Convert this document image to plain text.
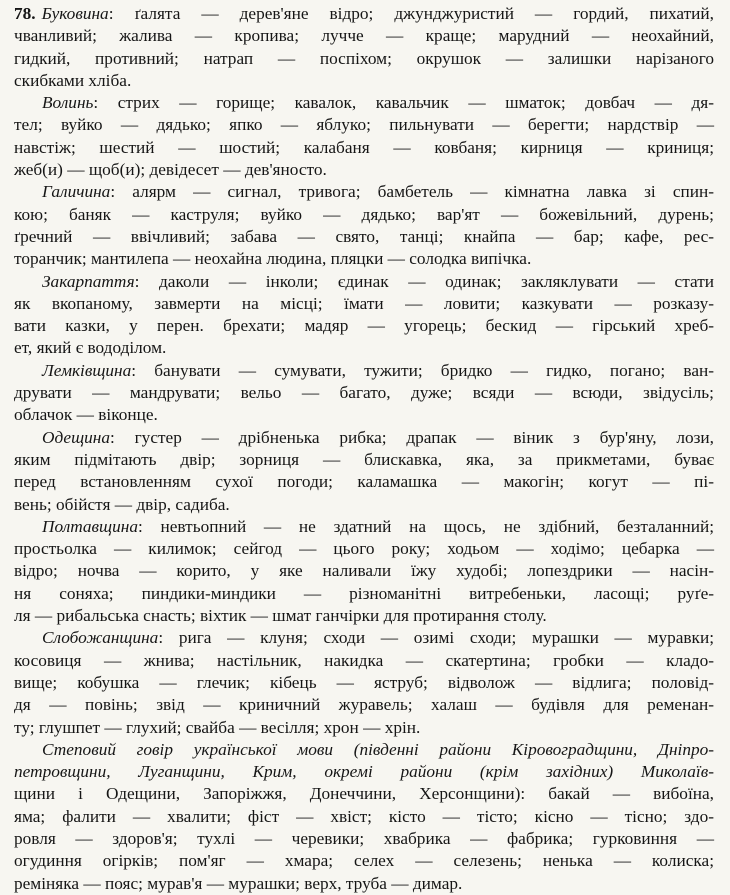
78. Буковина: ґалята — дерев'яне відро; джунджуристий — гордий, пихатий,
чванливий; жалива — кропива; лучче — краще; марудний — неохайний,
гидкий, противний; натрап — поспіхом; окрушок — залишки нарізаного
скибками хліба.
Волинь: стрих — горище; кавалок, кавальчик — шматок; довбач — дя-
тел; вуйко — дядько; япко — яблуко; пильнувати — берегти; нардствір —
навстіж; шестий — шостий; калабаня — ковбаня; кирниця — криниця;
жеб(и) — щоб(и); девідесет — дев'яносто.
Галичина: алярм — сигнал, тривога; бамбетель — кімнатна лавка зі спин-
кою; баняк — каструля; вуйко — дядько; вар'ят — божевільний, дурень;
ґречний — ввічливий; забава — свято, танці; кнайпа — бар; кафе, рес-
торанчик; мантилепа — неохайна людина, пляцки — солодка випічка.
Закарпаття: даколи — інколи; єдинак — одинак; закляклувати — стати
як вкопаному, завмерти на місці; їмати — ловити; казкувати — розказу-
вати казки, у перен. брехати; мадяр — угорець; бескид — гірський хреб-
ет, який є вододілом.
Лемківщина: банувати — сумувати, тужити; бридко — гидко, погано; ван-
друвати — мандрувати; вельо — багато, дуже; всяди — всюди, звідусіль;
облачок — віконце.
Одещина: густер — дрібненька рибка; драпак — віник з бур'яну, лози,
яким підмітають двір; зорниця — блискавка, яка, за прикметами, буває
перед встановленням сухої погоди; каламашка — макогін; когут — пі-
вень; обійстя — двір, садиба.
Полтавщина: невтьопний — не здатний на щось, не здібний, безталанний;
простьолка — килимок; сейгод — цього року; ходьом — ходімо; цебарка —
відро; ночва — корито, у яке наливали їжу худобі; лопездрики — насін-
ня соняха; пиндики-миндики — різноманітні витребеньки, ласощі; руґе-
ля — рибальська снасть; віхтик — шмат ганчірки для протирання столу.
Слобожанщина: рига — клуня; сходи — озимі сходи; мурашки — муравки;
косовиця — жнива; настільник, накидка — скатертина; гробки — кладо-
вище; кобушка — глечик; кібець — яструб; відволож — відлига; половід-
дя — повінь; звід — криничний журавель; халаш — будівля для ременан-
ту; глушпет — глухий; свайба — весілля; хрон — хрін.
Степовий говір української мови (південні райони Кіровоградщини, Дніпро-
петровщини, Луганщини, Крим, окремі райони (крім західних) Миколаїв-
щини і Одещини, Запоріжжя, Донеччини, Херсонщини): бакай — вибоїна,
яма; фалити — хвалити; фіст — хвіст; кісто — тісто; кісно — тісно; здо-
ровля — здоров'я; тухлі — черевики; хвабрика — фабрика; гурковиння —
огудиння огірків; пом'яг — хмара; селех — селезень; ненька — колиска;
реміняка — пояс; мурав'я — мурашки; верх, труба — димар.
